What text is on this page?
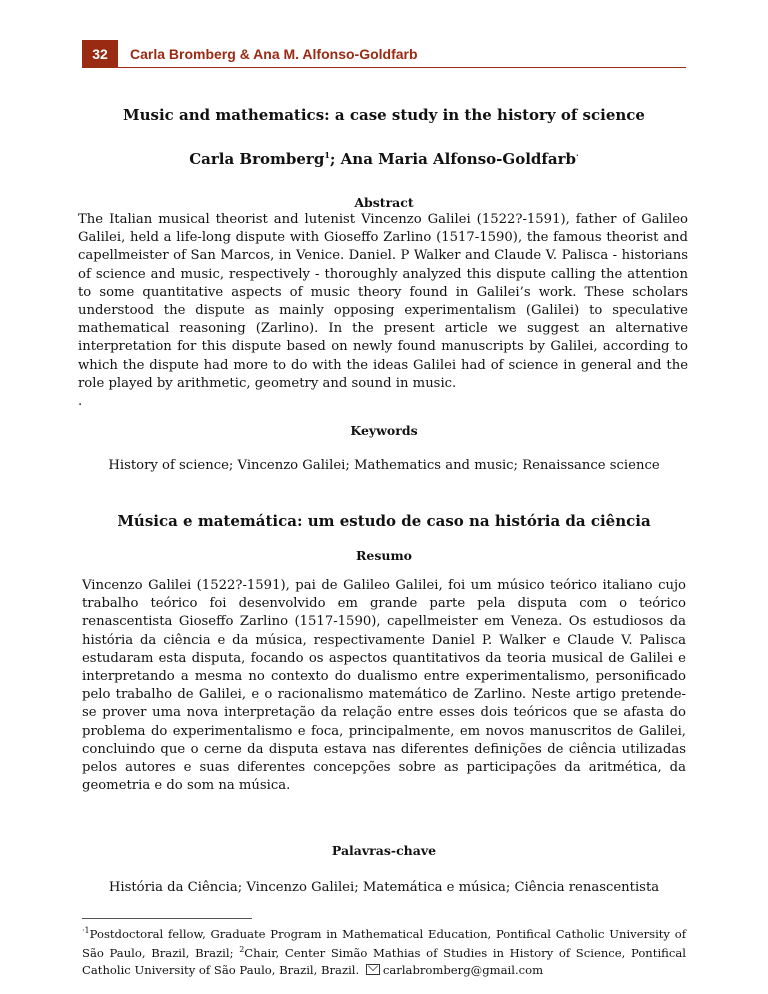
32	Carla Bromberg & Ana M. Alfonso-Goldfarb
Music and mathematics: a case study in the history of science
Carla Bromberg$^1$; Ana Maria Alfonso-Goldfarb·
Abstract
The Italian musical theorist and lutenist Vincenzo Galilei (1522?-1591), father of Galileo Galilei, held a life-long dispute with Gioseffo Zarlino (1517-1590), the famous theorist and capellmeister of San Marcos, in Venice. Daniel. P Walker and Claude V. Palisca - historians of science and music, respectively - thoroughly analyzed this dispute calling the attention to some quantitative aspects of music theory found in Galilei’s work. These scholars understood the dispute as mainly opposing experimentalism (Galilei) to speculative mathematical reasoning (Zarlino). In the present article we suggest an alternative interpretation for this dispute based on newly found manuscripts by Galilei, according to which the dispute had more to do with the ideas Galilei had of science in general and the role played by arithmetic, geometry and sound in music.
.
Keywords
History of science; Vincenzo Galilei; Mathematics and music; Renaissance science
Música e matemática: um estudo de caso na história da ciência
Resumo
Vincenzo Galilei (1522?-1591), pai de Galileo Galilei, foi um músico teórico italiano cujo trabalho teórico foi desenvolvido em grande parte pela disputa com o teórico renascentista Gioseffo Zarlino (1517-1590), capellmeister em Veneza. Os estudiosos da história da ciência e da música, respectivamente Daniel P. Walker e Claude V. Palisca estudaram esta disputa, focando os aspectos quantitativos da teoria musical de Galilei e interpretando a mesma no contexto do dualismo entre experimentalismo, personificado pelo trabalho de Galilei, e o racionalismo matemático de Zarlino. Neste artigo pretende-se prover uma nova interpretação da relação entre esses dois teóricos que se afasta do problema do experimentalismo e foca, principalmente, em novos manuscritos de Galilei, concluindo que o cerne da disputa estava nas diferentes definições de ciência utilizadas pelos autores e suas diferentes concepções sobre as participações da aritmética, da geometria e do som na música.
Palavras-chave
História da Ciência; Vincenzo Galilei; Matemática e música; Ciência renascentista
$^{\cdot 1}$Postdoctoral fellow, Graduate Program in Mathematical Education, Pontifical Catholic University of São Paulo, Brazil, Brazil; $^2$Chair, Center Simão Mathias of Studies in History of Science, Pontifical Catholic University of São Paulo, Brazil, Brazil. carlabromberg@gmail.com
